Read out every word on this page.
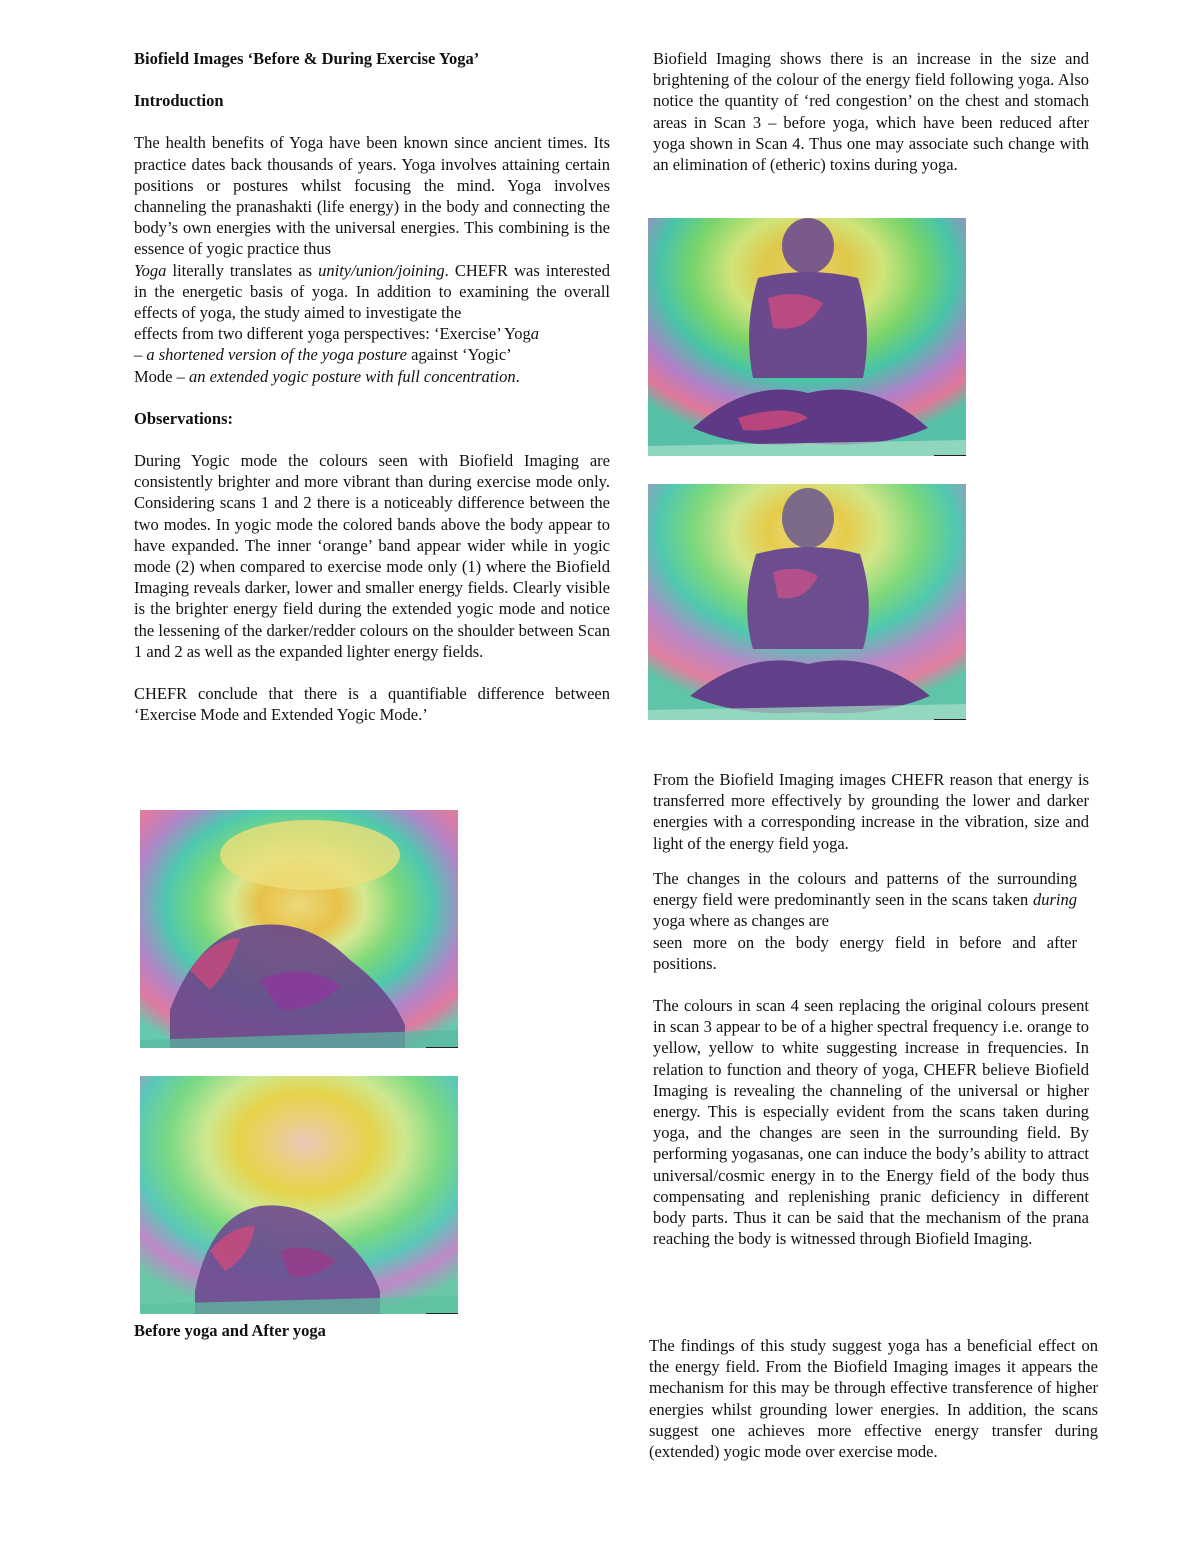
Biofield Images ‘Before & During Exercise Yoga’

Introduction

The health benefits of Yoga have been known since ancient times. Its practice dates back thousands of years. Yoga involves attaining certain positions or postures whilst focusing the mind. Yoga involves channeling the pranashakti (life energy) in the body and connecting the body’s own energies with the universal energies. This combining is the essence of yogic practice thus
Yoga literally translates as unity/union/joining. CHEFR was interested in the energetic basis of yoga. In addition to examining the overall effects of yoga, the study aimed to investigate the

effects from two different yoga perspectives: ‘Exercise’ Yoga
– a shortened version of the yoga posture against ‘Yogic’
Mode – an extended yogic posture with full concentration.

Observations:

During Yogic mode the colours seen with Biofield Imaging are consistently brighter and more vibrant than during exercise mode only. Considering scans 1 and 2 there is a noticeably difference between the two modes. In yogic mode the colored bands above the body appear to have expanded. The inner ‘orange’ band appear wider while in yogic mode (2) when compared to exercise mode only (1) where the Biofield Imaging reveals darker, lower and smaller energy fields. Clearly visible is the brighter energy field during the extended yogic mode and notice the lessening of the darker/redder colours on the shoulder between Scan 1 and 2 as well as the expanded lighter energy fields.

CHEFR conclude that there is a quantifiable difference between ‘Exercise Mode and Extended Yogic Mode.’

Before yoga and After yoga

Biofield Imaging shows there is an increase in the size and brightening of the colour of the energy field following yoga. Also notice the quantity of ‘red congestion’ on the chest and stomach areas in Scan 3 – before yoga, which have been reduced after yoga shown in Scan 4. Thus one may associate such change with an elimination of (etheric) toxins during yoga.

From the Biofield Imaging images CHEFR reason that energy is transferred more effectively by grounding the lower and darker energies with a corresponding increase in the vibration, size and light of the energy field yoga.

The changes in the colours and patterns of the surrounding energy field were predominantly seen in the scans taken during yoga where as changes are
seen more on the body energy field in before and after positions.

The colours in scan 4 seen replacing the original colours present in scan 3 appear to be of a higher spectral frequency i.e. orange to yellow, yellow to white suggesting increase in frequencies. In relation to function and theory of yoga, CHEFR believe Biofield Imaging is revealing the channeling of the universal or higher energy. This is especially evident from the scans taken during yoga, and the changes are seen in the surrounding field. By performing yogasanas, one can induce the body’s ability to attract universal/cosmic energy in to the Energy field of the body thus compensating and replenishing pranic deficiency in different body parts. Thus it can be said that the mechanism of the prana reaching the body is witnessed through Biofield Imaging.

The findings of this study suggest yoga has a beneficial effect on the energy field. From the Biofield Imaging images it appears the mechanism for this may be through effective transference of higher energies whilst grounding lower energies. In addition, the scans suggest one achieves more effective energy transfer during (extended) yogic mode over exercise mode.
